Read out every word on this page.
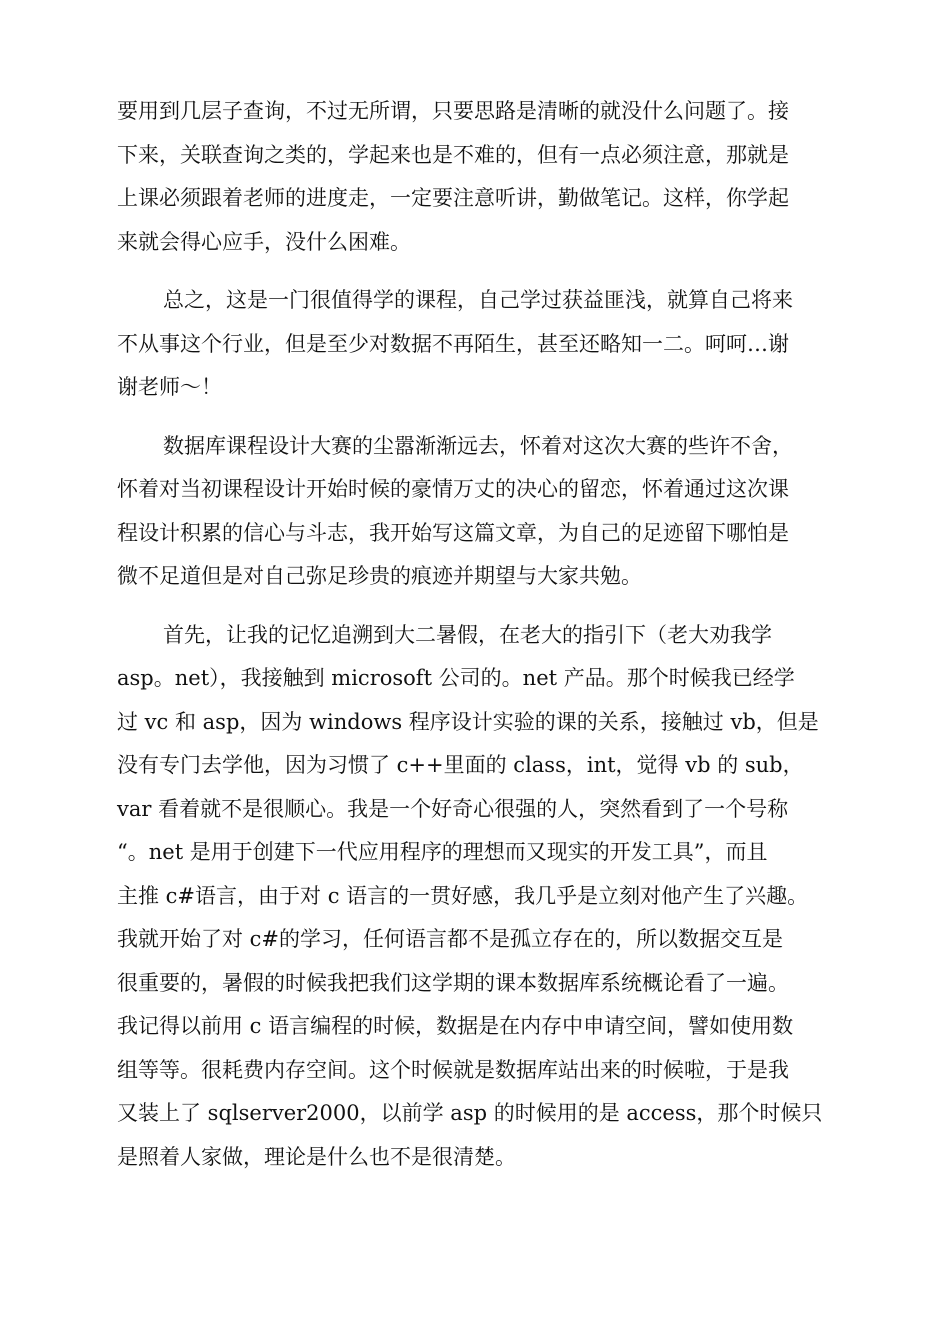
要用到几层子查询，不过无所谓，只要思路是清晰的就没什么问题了。接

下来，关联查询之类的，学起来也是不难的，但有一点必须注意，那就是

上课必须跟着老师的进度走，一定要注意听讲，勤做笔记。这样，你学起

来就会得心应手，没什么困难。

总之，这是一门很值得学的课程，自己学过获益匪浅，就算自己将来

不从事这个行业，但是至少对数据不再陌生，甚至还略知一二。呵呵…谢

谢老师～！

数据库课程设计大赛的尘嚣渐渐远去，怀着对这次大赛的些许不舍，

怀着对当初课程设计开始时候的豪情万丈的决心的留恋，怀着通过这次课

程设计积累的信心与斗志，我开始写这篇文章，为自己的足迹留下哪怕是

微不足道但是对自己弥足珍贵的痕迹并期望与大家共勉。

首先，让我的记忆追溯到大二暑假，在老大的指引下（老大劝我学

asp。net），我接触到 microsoft 公司的。net 产品。那个时候我已经学

过 vc 和 asp，因为 windows 程序设计实验的课的关系，接触过 vb，但是

没有专门去学他，因为习惯了 c++里面的 class，int，觉得 vb 的 sub，

var 看着就不是很顺心。我是一个好奇心很强的人，突然看到了一个号称

“。net 是用于创建下一代应用程序的理想而又现实的开发工具”，而且

主推 c#语言，由于对 c 语言的一贯好感，我几乎是立刻对他产生了兴趣。

我就开始了对 c#的学习，任何语言都不是孤立存在的，所以数据交互是

很重要的，暑假的时候我把我们这学期的课本数据库系统概论看了一遍。

我记得以前用 c 语言编程的时候，数据是在内存中申请空间，譬如使用数

组等等。很耗费内存空间。这个时候就是数据库站出来的时候啦，于是我

又装上了 sqlserver2000，以前学 asp 的时候用的是 access，那个时候只

是照着人家做，理论是什么也不是很清楚。
